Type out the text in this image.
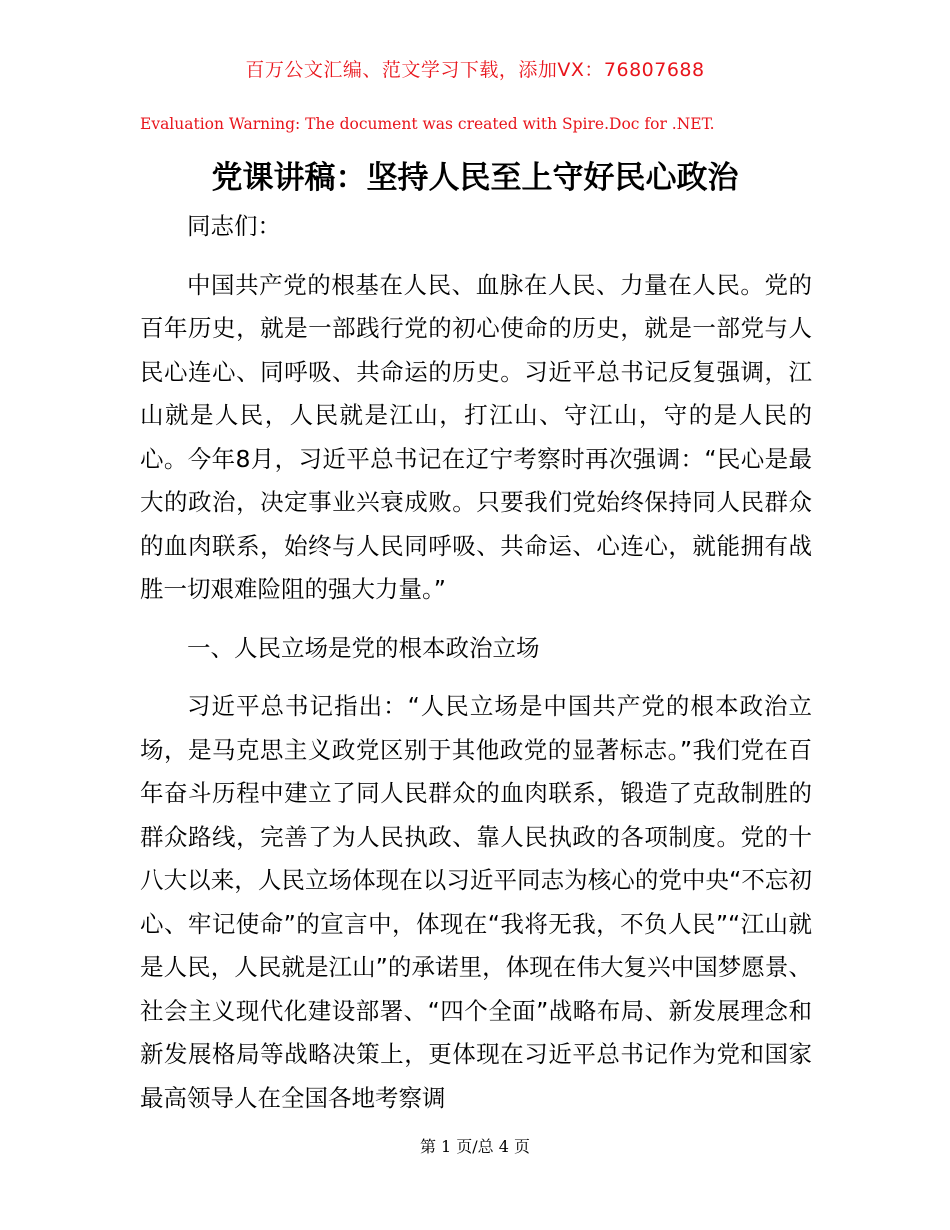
百万公文汇编、范文学习下载，添加VX：76807688
Evaluation Warning: The document was created with Spire.Doc for .NET.
党课讲稿：坚持人民至上守好民心政治

同志们：

中国共产党的根基在人民、血脉在人民、力量在人民。党的百年历史，就是一部践行党的初心使命的历史，就是一部党与人民心连心、同呼吸、共命运的历史。习近平总书记反复强调，江山就是人民，人民就是江山，打江山、守江山，守的是人民的心。今年8月，习近平总书记在辽宁考察时再次强调：“民心是最大的政治，决定事业兴衰成败。只要我们党始终保持同人民群众的血肉联系，始终与人民同呼吸、共命运、心连心，就能拥有战胜一切艰难险阻的强大力量。”

一、人民立场是党的根本政治立场

习近平总书记指出：“人民立场是中国共产党的根本政治立场，是马克思主义政党区别于其他政党的显著标志。”我们党在百年奋斗历程中建立了同人民群众的血肉联系，锻造了克敌制胜的群众路线，完善了为人民执政、靠人民执政的各项制度。党的十八大以来，人民立场体现在以习近平同志为核心的党中央“不忘初心、牢记使命”的宣言中，体现在“我将无我，不负人民”“江山就是人民，人民就是江山”的承诺里，体现在伟大复兴中国梦愿景、社会主义现代化建设部署、“四个全面”战略布局、新发展理念和新发展格局等战略决策上，更体现在习近平总书记作为党和国家最高领导人在全国各地考察调

第 1 页/总 4 页
